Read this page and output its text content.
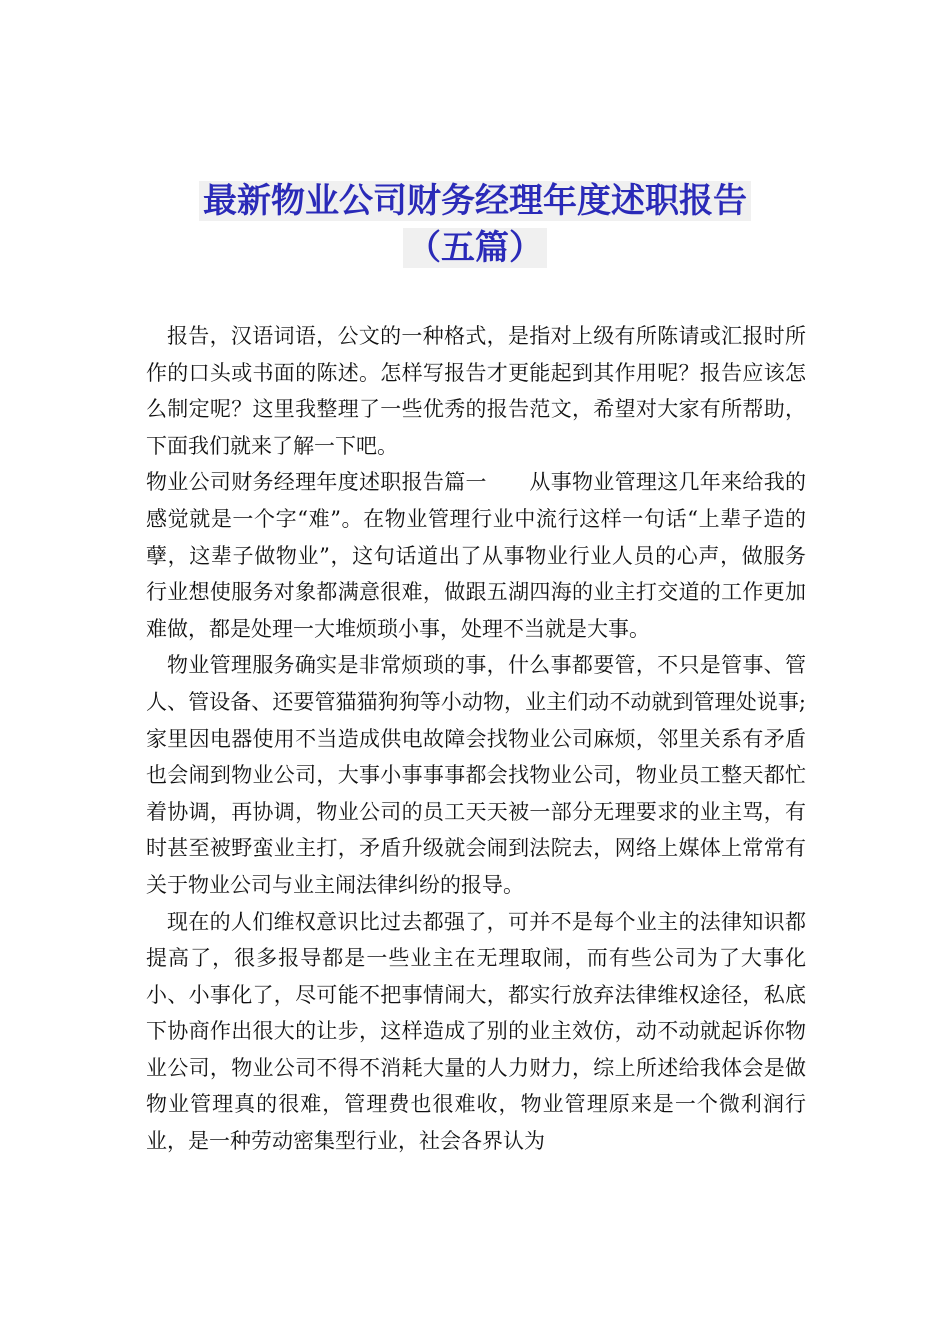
最新物业公司财务经理年度述职报告
（五篇）

报告，汉语词语，公文的一种格式，是指对上级有所陈请或汇报时所作的口头或书面的陈述。怎样写报告才更能起到其作用呢？报告应该怎么制定呢？这里我整理了一些优秀的报告范文，希望对大家有所帮助，下面我们就来了解一下吧。

物业公司财务经理年度述职报告篇一　　从事物业管理这几年来给我的感觉就是一个字“难”。在物业管理行业中流行这样一句话“上辈子造的孽，这辈子做物业”，这句话道出了从事物业行业人员的心声，做服务行业想使服务对象都满意很难，做跟五湖四海的业主打交道的工作更加难做，都是处理一大堆烦琐小事，处理不当就是大事。

物业管理服务确实是非常烦琐的事，什么事都要管，不只是管事、管人、管设备、还要管猫猫狗狗等小动物，业主们动不动就到管理处说事;家里因电器使用不当造成供电故障会找物业公司麻烦，邻里关系有矛盾也会闹到物业公司，大事小事事事都会找物业公司，物业员工整天都忙着协调，再协调，物业公司的员工天天被一部分无理要求的业主骂，有时甚至被野蛮业主打，矛盾升级就会闹到法院去，网络上媒体上常常有关于物业公司与业主闹法律纠纷的报导。

现在的人们维权意识比过去都强了，可并不是每个业主的法律知识都提高了，很多报导都是一些业主在无理取闹，而有些公司为了大事化小、小事化了，尽可能不把事情闹大，都实行放弃法律维权途径，私底下协商作出很大的让步，这样造成了别的业主效仿，动不动就起诉你物业公司，物业公司不得不消耗大量的人力财力，综上所述给我体会是做物业管理真的很难，管理费也很难收，物业管理原来是一个微利润行业，是一种劳动密集型行业，社会各界认为
